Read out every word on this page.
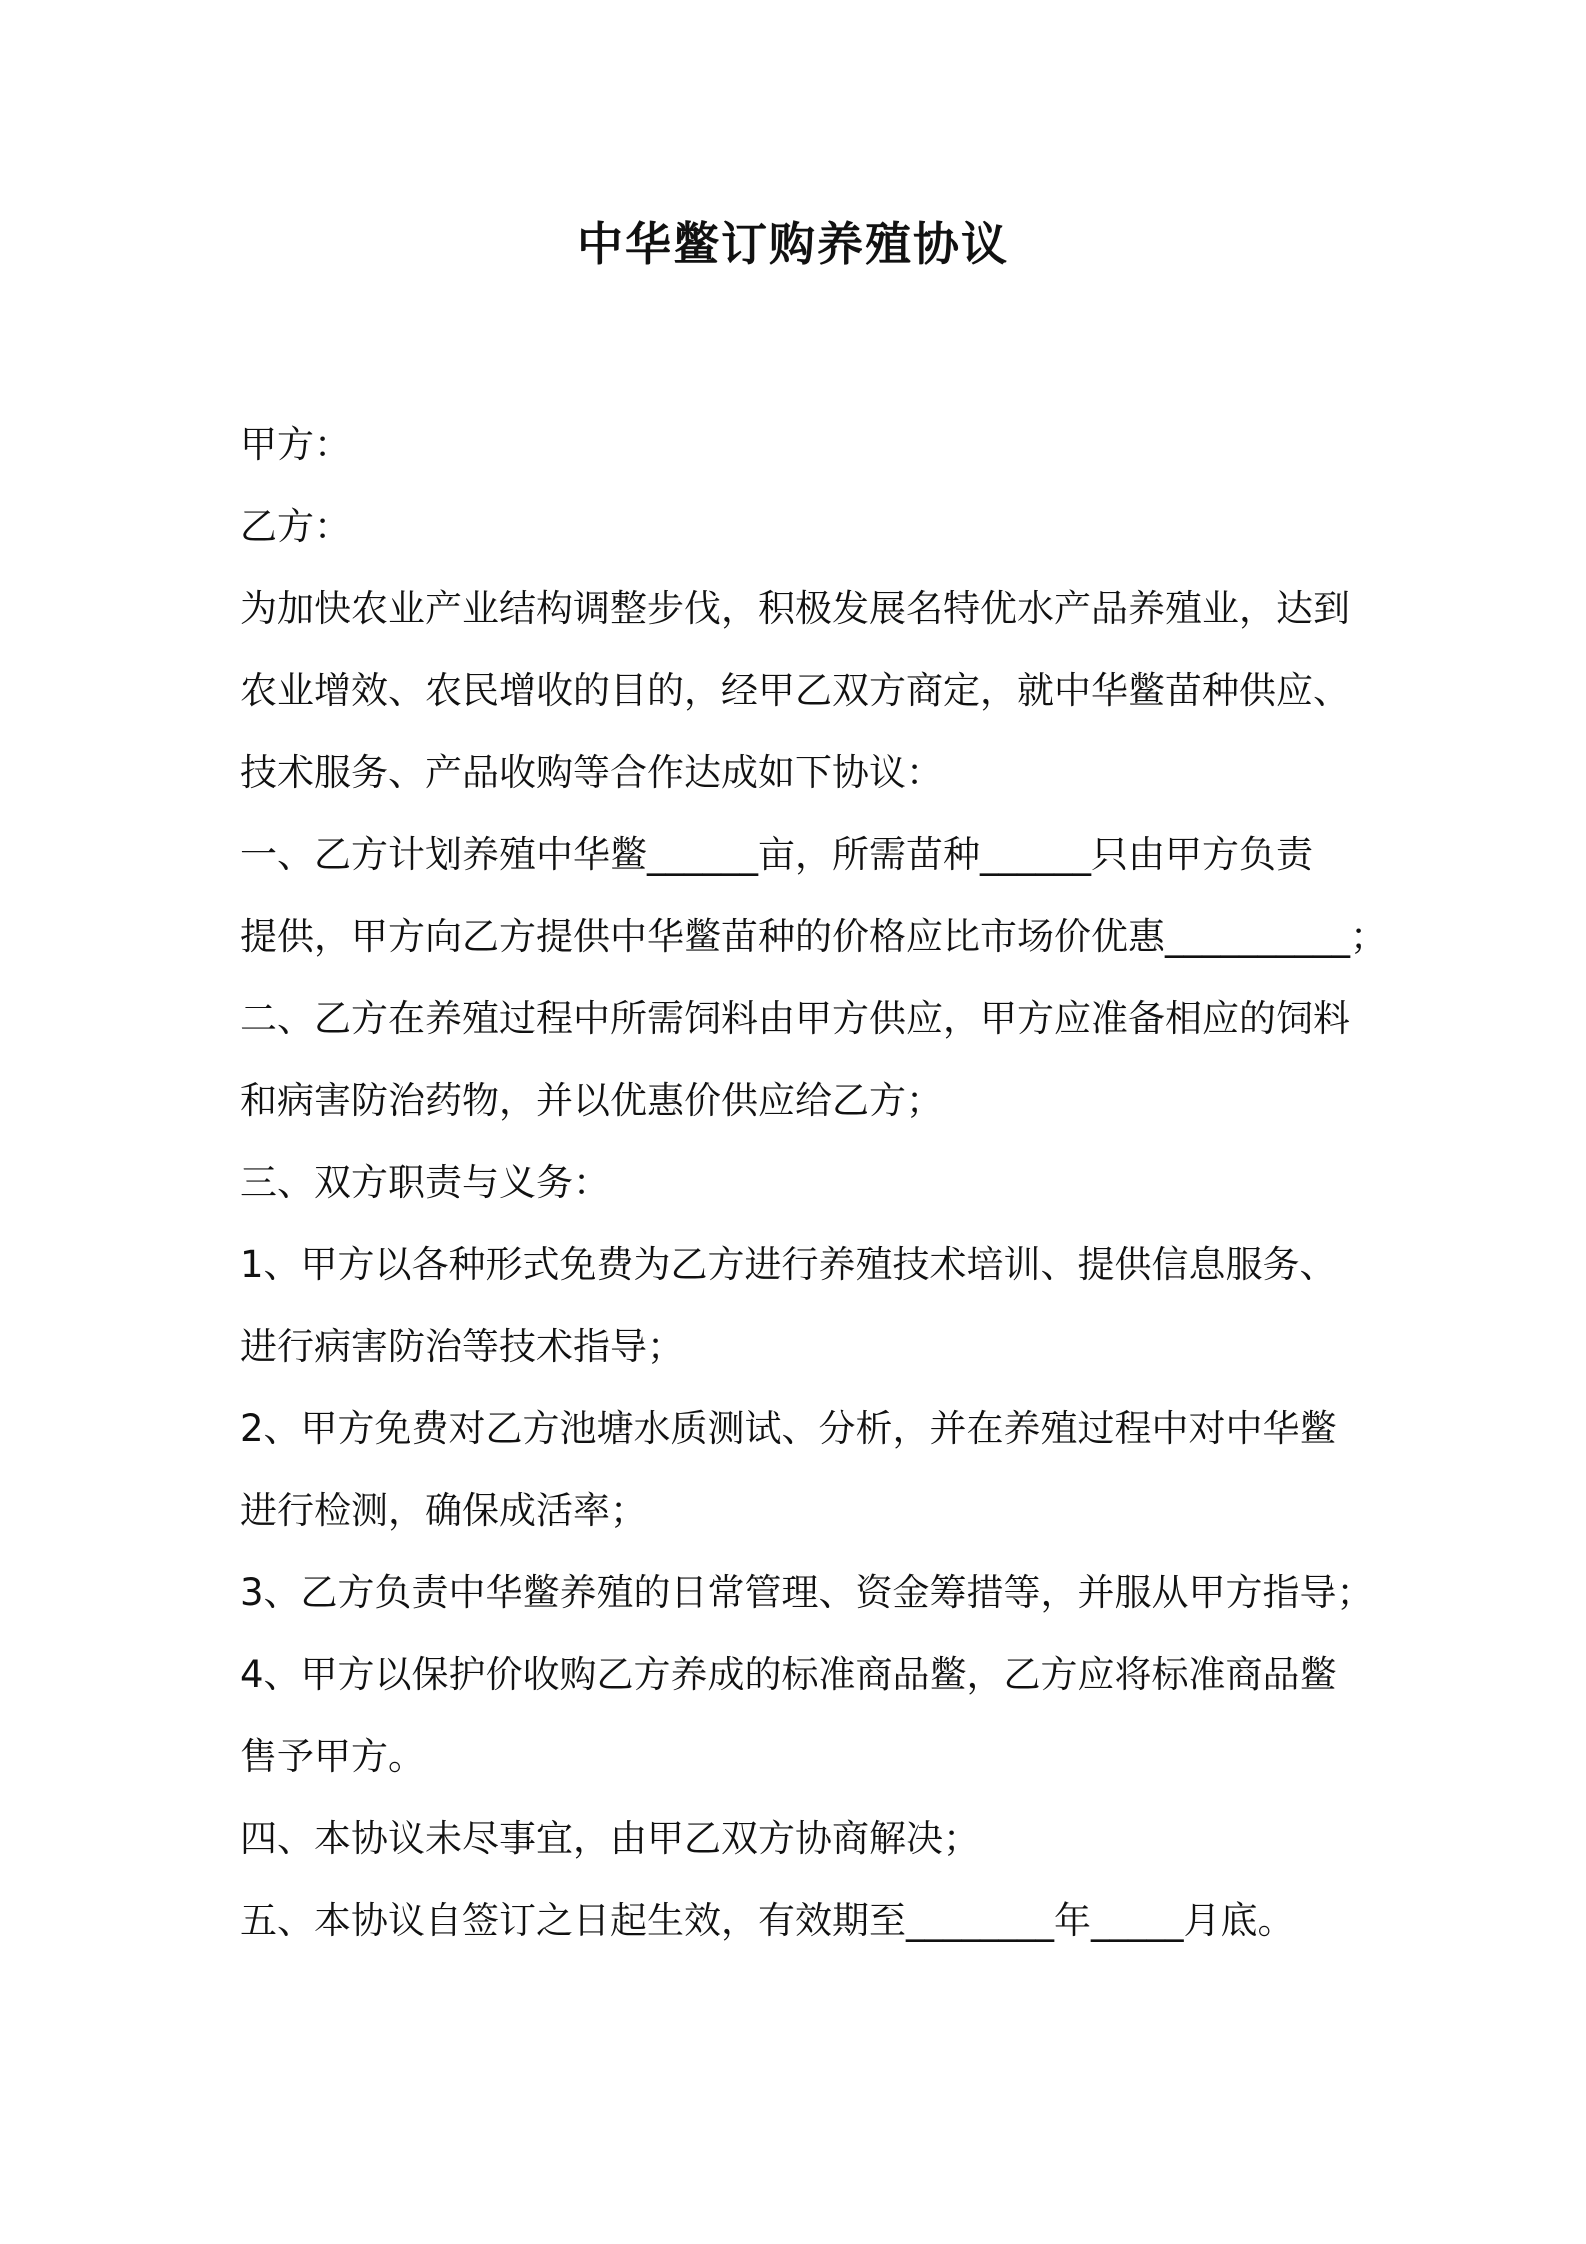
中华鳖订购养殖协议
甲方：
乙方：
为加快农业产业结构调整步伐，积极发展名特优水产品养殖业，达到
农业增效、农民增收的目的，经甲乙双方商定，就中华鳖苗种供应、
技术服务、产品收购等合作达成如下协议：
一、乙方计划养殖中华鳖______亩，所需苗种______只由甲方负责
提供，甲方向乙方提供中华鳖苗种的价格应比市场价优惠__________；
二、乙方在养殖过程中所需饲料由甲方供应，甲方应准备相应的饲料
和病害防治药物，并以优惠价供应给乙方；
三、双方职责与义务：
1、甲方以各种形式免费为乙方进行养殖技术培训、提供信息服务、
进行病害防治等技术指导；
2、甲方免费对乙方池塘水质测试、分析，并在养殖过程中对中华鳖
进行检测，确保成活率；
3、乙方负责中华鳖养殖的日常管理、资金筹措等，并服从甲方指导；
4、甲方以保护价收购乙方养成的标准商品鳖，乙方应将标准商品鳖
售予甲方。
四、本协议未尽事宜，由甲乙双方协商解决；
五、本协议自签订之日起生效，有效期至________年_____月底。
